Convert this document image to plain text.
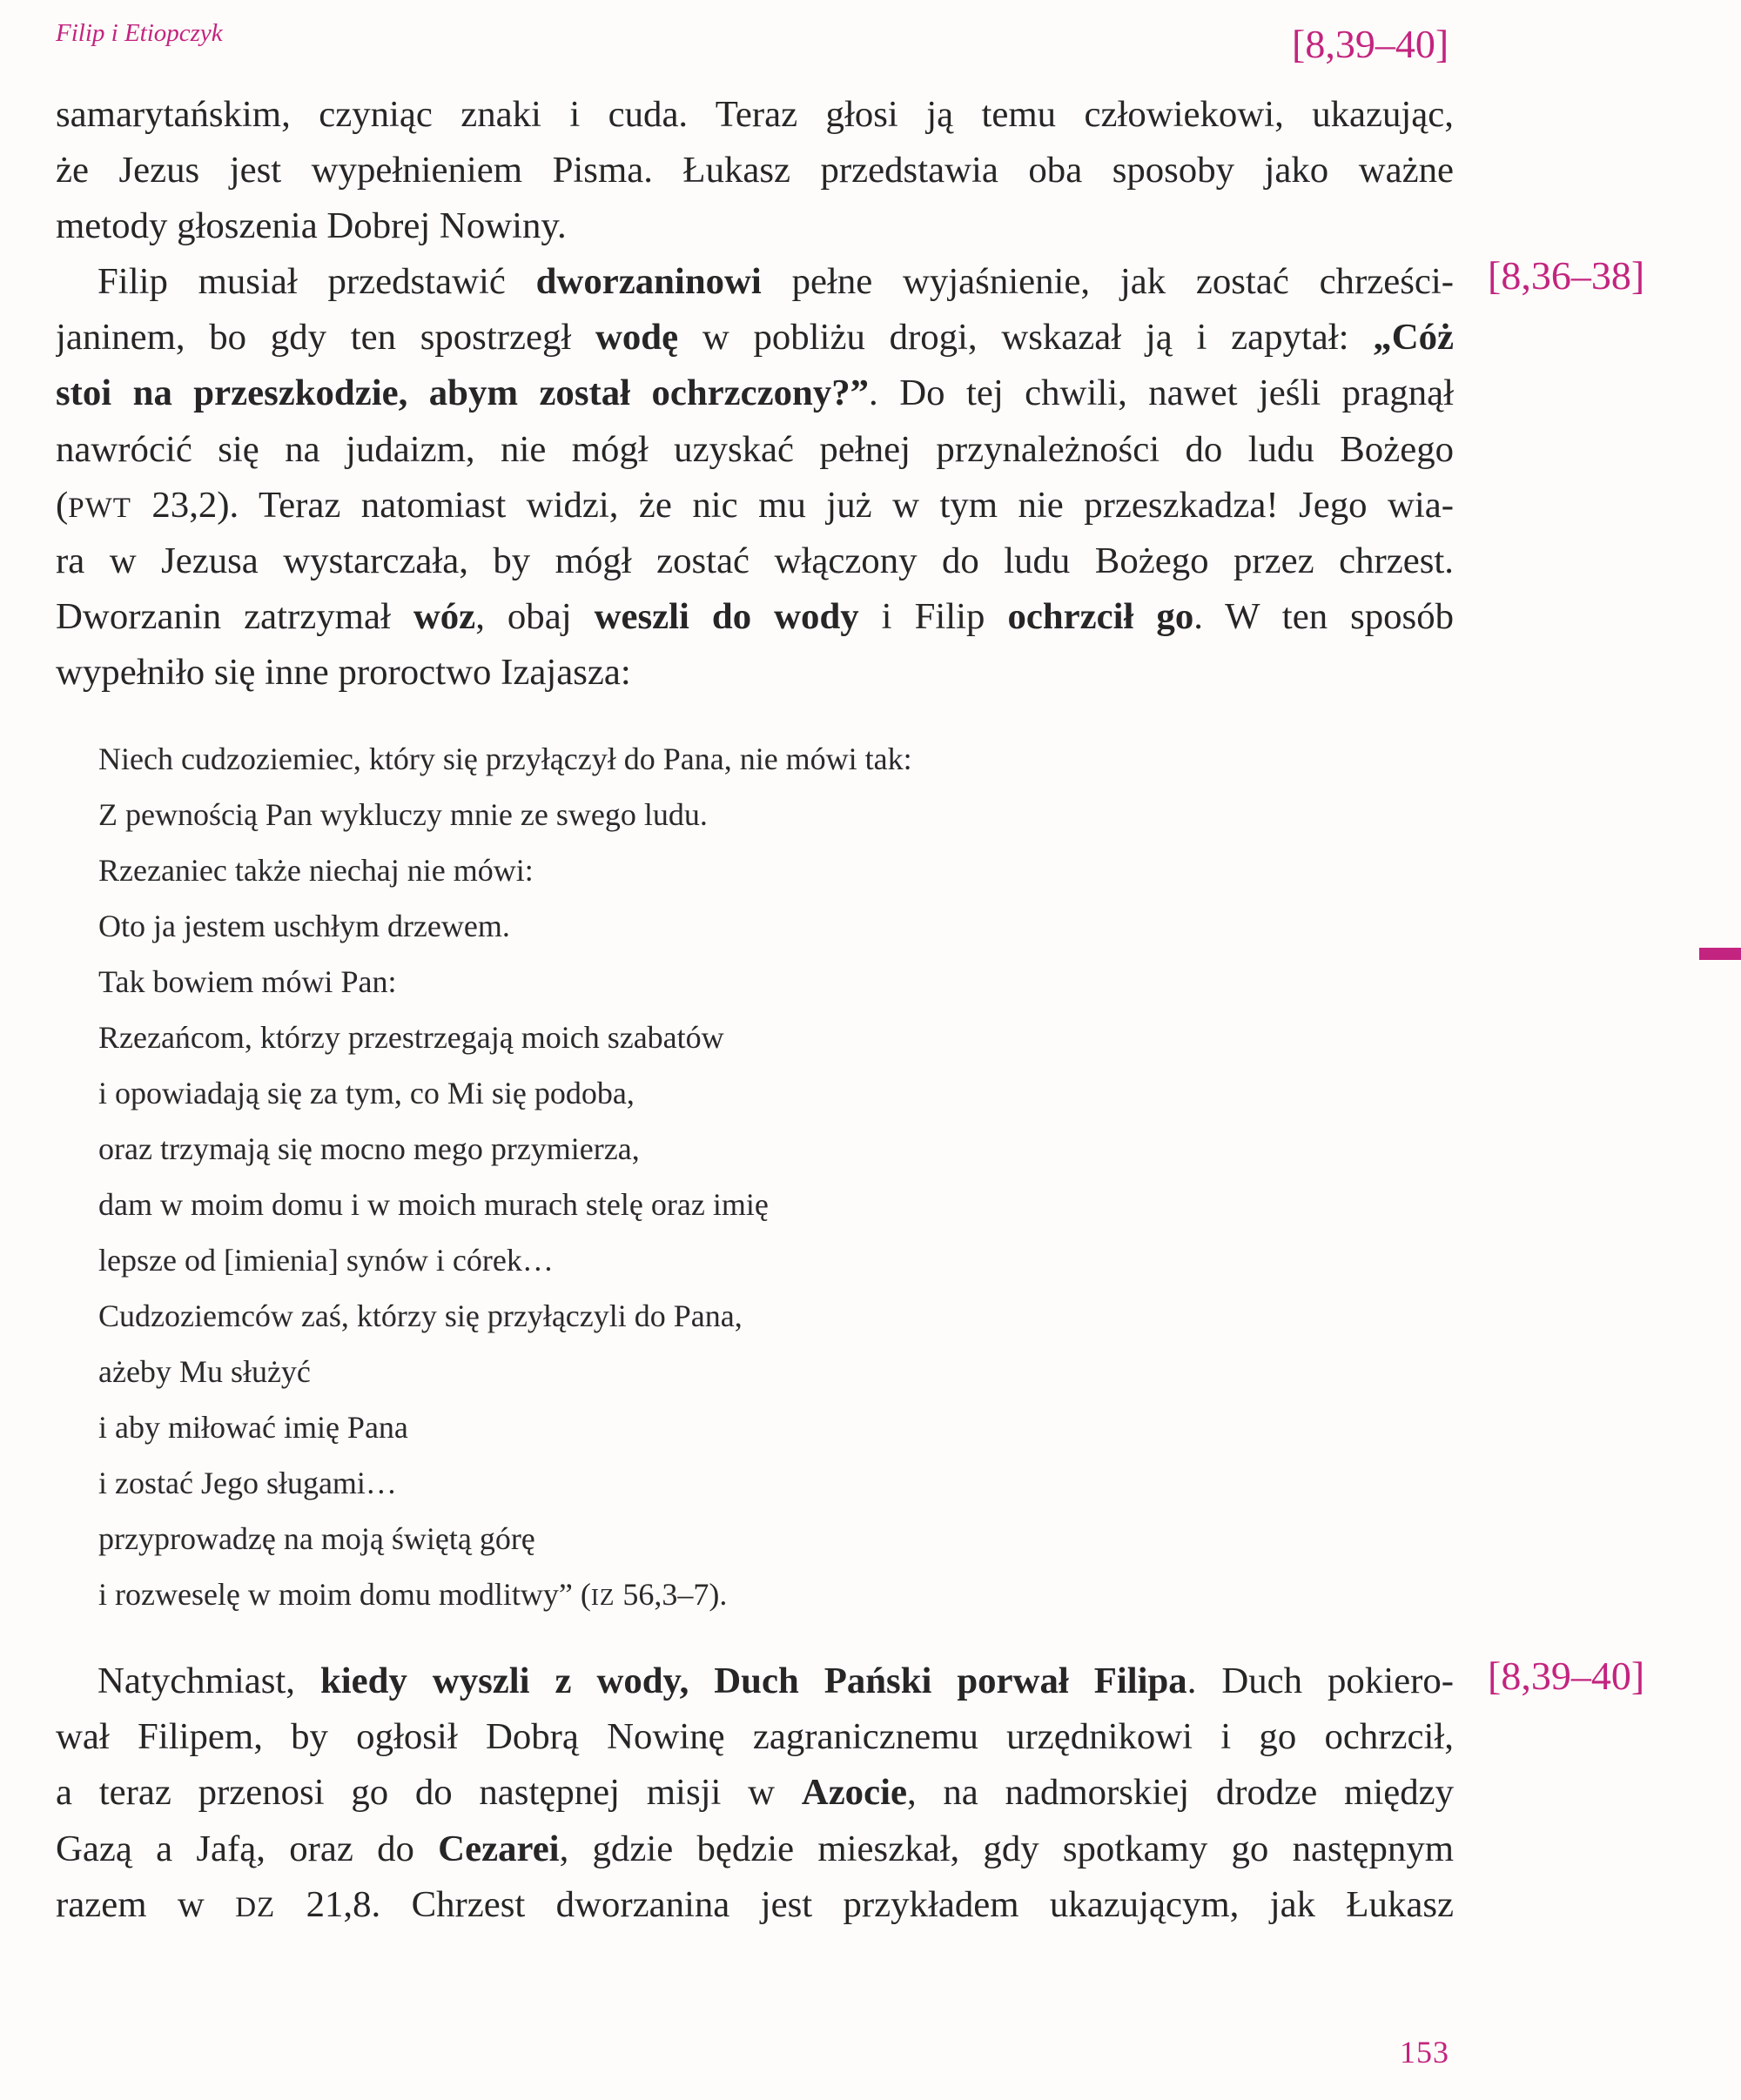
Filip i Etiopczyk	[8,39–40]
samarytańskim, czyniąc znaki i cuda. Teraz głosi ją temu człowiekowi, ukazując,
że Jezus jest wypełnieniem Pisma. Łukasz przedstawia oba sposoby jako ważne
metody głoszenia Dobrej Nowiny.
[8,36–38]
Filip musiał przedstawić dworzaninowi pełne wyjaśnienie, jak zostać chrześci-
janinem, bo gdy ten spostrzegł wodę w pobliżu drogi, wskazał ją i zapytał: „Cóż
stoi na przeszkodzie, abym został ochrzczony?”. Do tej chwili, nawet jeśli pragnął
nawrócić się na judaizm, nie mógł uzyskać pełnej przynależności do ludu Bożego
(PWT 23,2). Teraz natomiast widzi, że nic mu już w tym nie przeszkadza! Jego wia-
ra w Jezusa wystarczała, by mógł zostać włączony do ludu Bożego przez chrzest.
Dworzanin zatrzymał wóz, obaj weszli do wody i Filip ochrzcił go. W ten sposób
wypełniło się inne proroctwo Izajasza:
Niech cudzoziemiec, który się przyłączył do Pana, nie mówi tak:
Z pewnością Pan wykluczy mnie ze swego ludu.
Rzezaniec także niechaj nie mówi:
Oto ja jestem uschłym drzewem.
Tak bowiem mówi Pan:
Rzezańcom, którzy przestrzegają moich szabatów
i opowiadają się za tym, co Mi się podoba,
oraz trzymają się mocno mego przymierza,
dam w moim domu i w moich murach stelę oraz imię
lepsze od [imienia] synów i córek…
Cudzoziemców zaś, którzy się przyłączyli do Pana,
ażeby Mu służyć
i aby miłować imię Pana
i zostać Jego sługami…
przyprowadzę na moją świętą górę
i rozweselę w moim domu modlitwy” (IZ 56,3–7).
[8,39–40]
Natychmiast, kiedy wyszli z wody, Duch Pański porwał Filipa. Duch pokiero-
wał Filipem, by ogłosił Dobrą Nowinę zagranicznemu urzędnikowi i go ochrzcił,
a teraz przenosi go do następnej misji w Azocie, na nadmorskiej drodze między
Gazą a Jafą, oraz do Cezarei, gdzie będzie mieszkał, gdy spotkamy go następnym
razem w DZ 21,8. Chrzest dworzanina jest przykładem ukazującym, jak Łukasz
153
